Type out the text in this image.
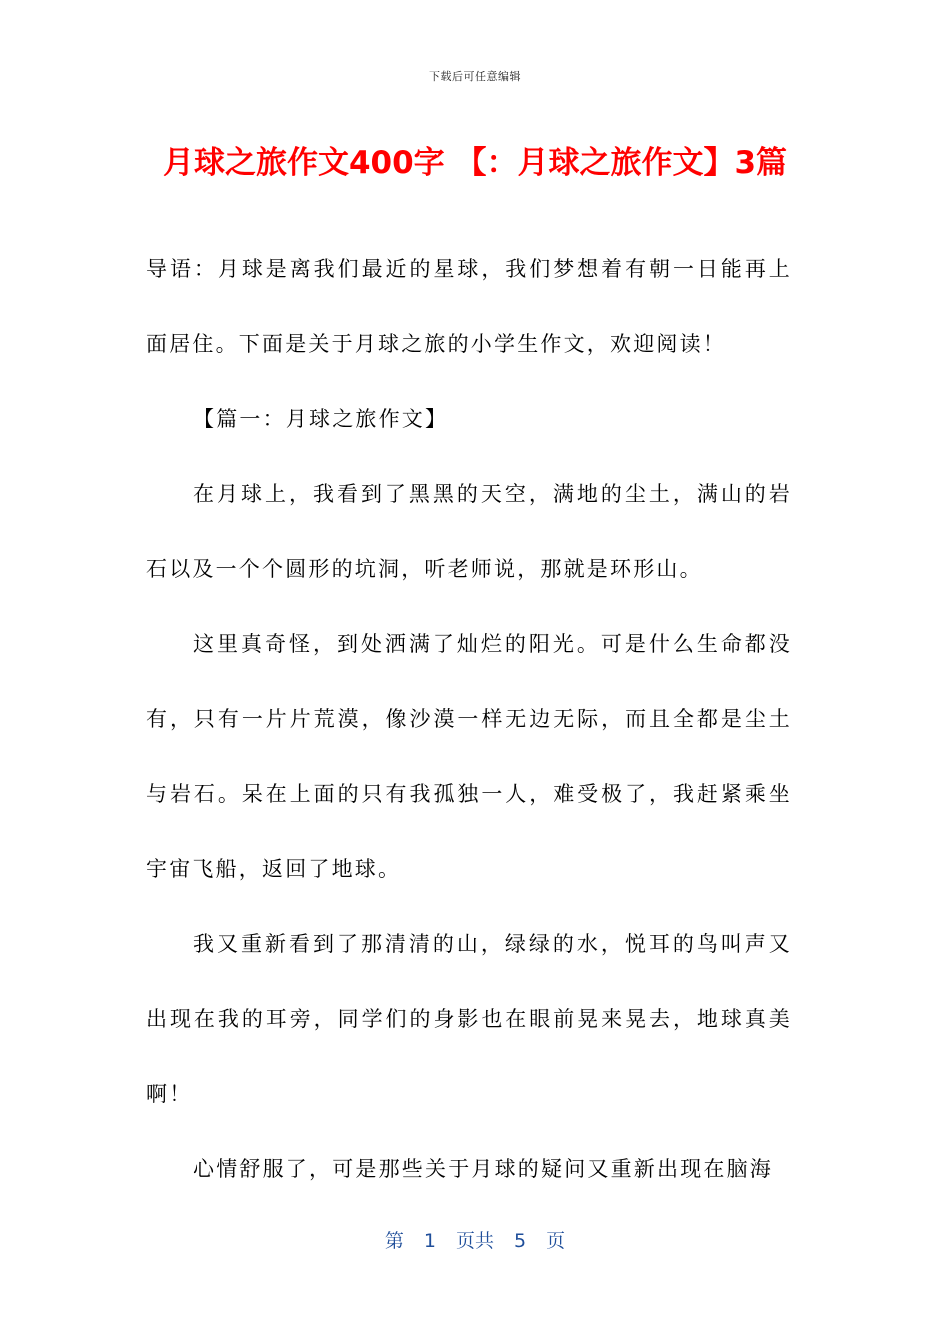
下载后可任意编辑
月球之旅作文400字 【：月球之旅作文】3篇

导语：月球是离我们最近的星球，我们梦想着有朝一日能再上面居住。下面是关于月球之旅的小学生作文，欢迎阅读！

【篇一：月球之旅作文】

在月球上，我看到了黑黑的天空，满地的尘土，满山的岩石以及一个个圆形的坑洞，听老师说，那就是环形山。

这里真奇怪，到处洒满了灿烂的阳光。可是什么生命都没有，只有一片片荒漠，像沙漠一样无边无际，而且全都是尘土与岩石。呆在上面的只有我孤独一人，难受极了，我赶紧乘坐宇宙飞船，返回了地球。

我又重新看到了那清清的山，绿绿的水，悦耳的鸟叫声又出现在我的耳旁，同学们的身影也在眼前晃来晃去，地球真美啊！

心情舒服了，可是那些关于月球的疑问又重新出现在脑海

第 1 页共 5 页
